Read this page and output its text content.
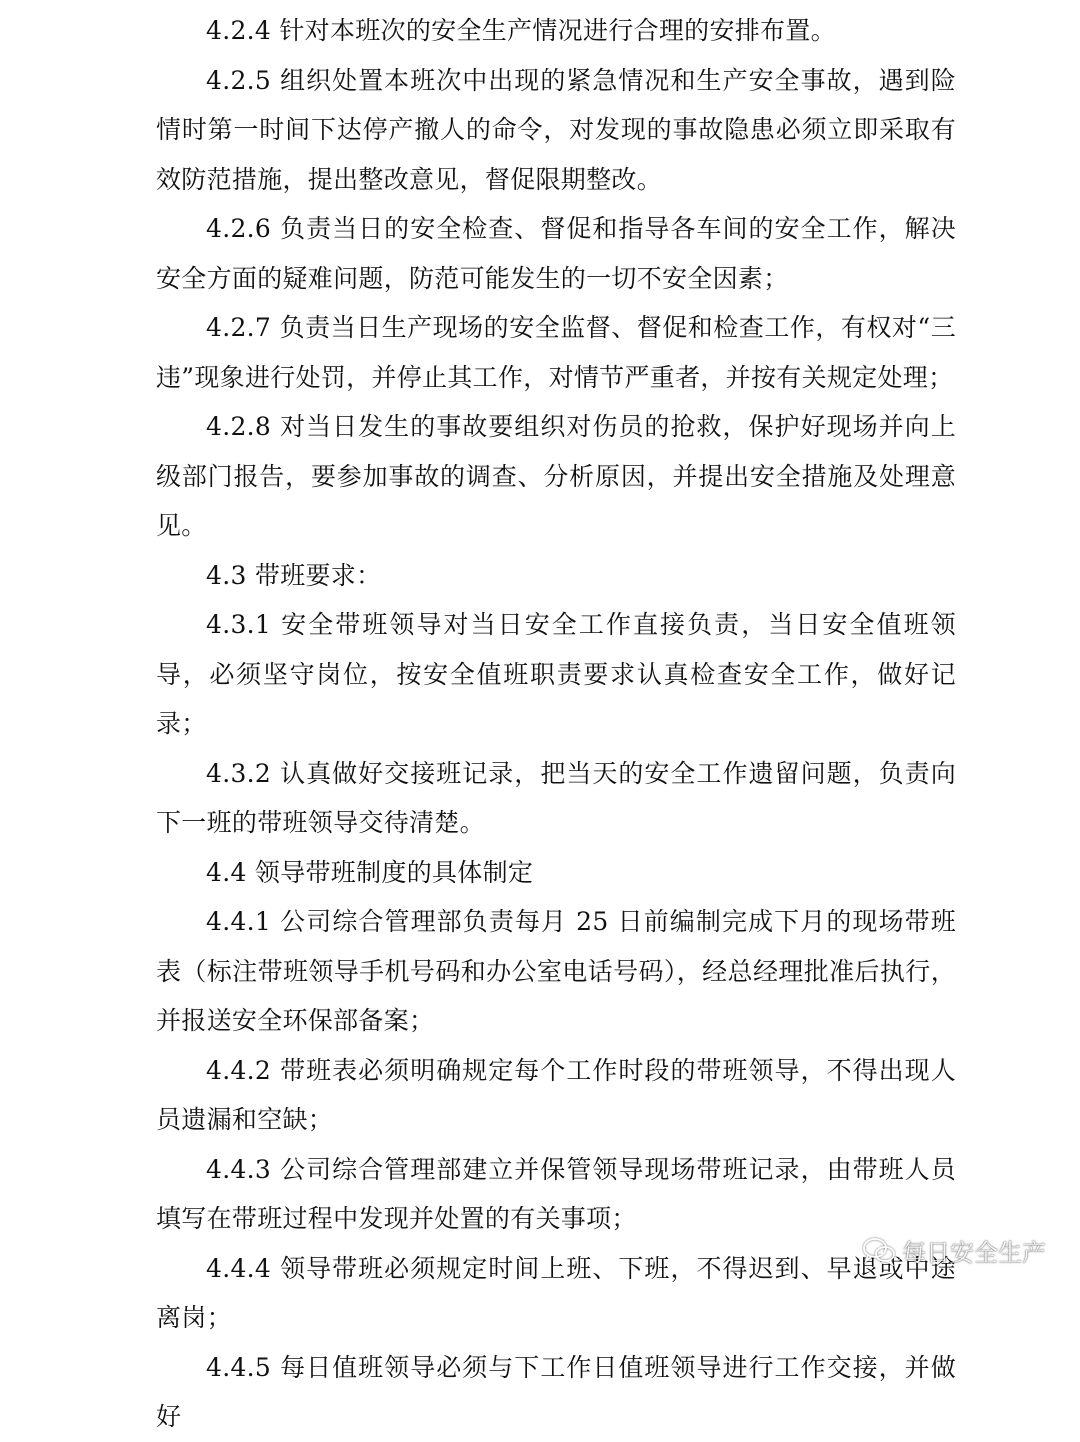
4.2.4 针对本班次的安全生产情况进行合理的安排布置。

4.2.5 组织处置本班次中出现的紧急情况和生产安全事故，遇到险情时第一时间下达停产撤人的命令，对发现的事故隐患必须立即采取有效防范措施，提出整改意见，督促限期整改。

4.2.6 负责当日的安全检查、督促和指导各车间的安全工作，解决安全方面的疑难问题，防范可能发生的一切不安全因素；

4.2.7 负责当日生产现场的安全监督、督促和检查工作，有权对“三违”现象进行处罚，并停止其工作，对情节严重者，并按有关规定处理；

4.2.8 对当日发生的事故要组织对伤员的抢救，保护好现场并向上级部门报告，要参加事故的调查、分析原因，并提出安全措施及处理意见。

4.3 带班要求：

4.3.1 安全带班领导对当日安全工作直接负责，当日安全值班领导，必须坚守岗位，按安全值班职责要求认真检查安全工作，做好记录；

4.3.2 认真做好交接班记录，把当天的安全工作遗留问题，负责向下一班的带班领导交待清楚。

4.4 领导带班制度的具体制定

4.4.1 公司综合管理部负责每月 25 日前编制完成下月的现场带班表（标注带班领导手机号码和办公室电话号码），经总经理批准后执行，并报送安全环保部备案；

4.4.2 带班表必须明确规定每个工作时段的带班领导，不得出现人员遗漏和空缺；

4.4.3 公司综合管理部建立并保管领导现场带班记录，由带班人员填写在带班过程中发现并处置的有关事项；

4.4.4 领导带班必须规定时间上班、下班，不得迟到、早退或中途离岗；

4.4.5 每日值班领导必须与下工作日值班领导进行工作交接，并做好

每日安全生产
